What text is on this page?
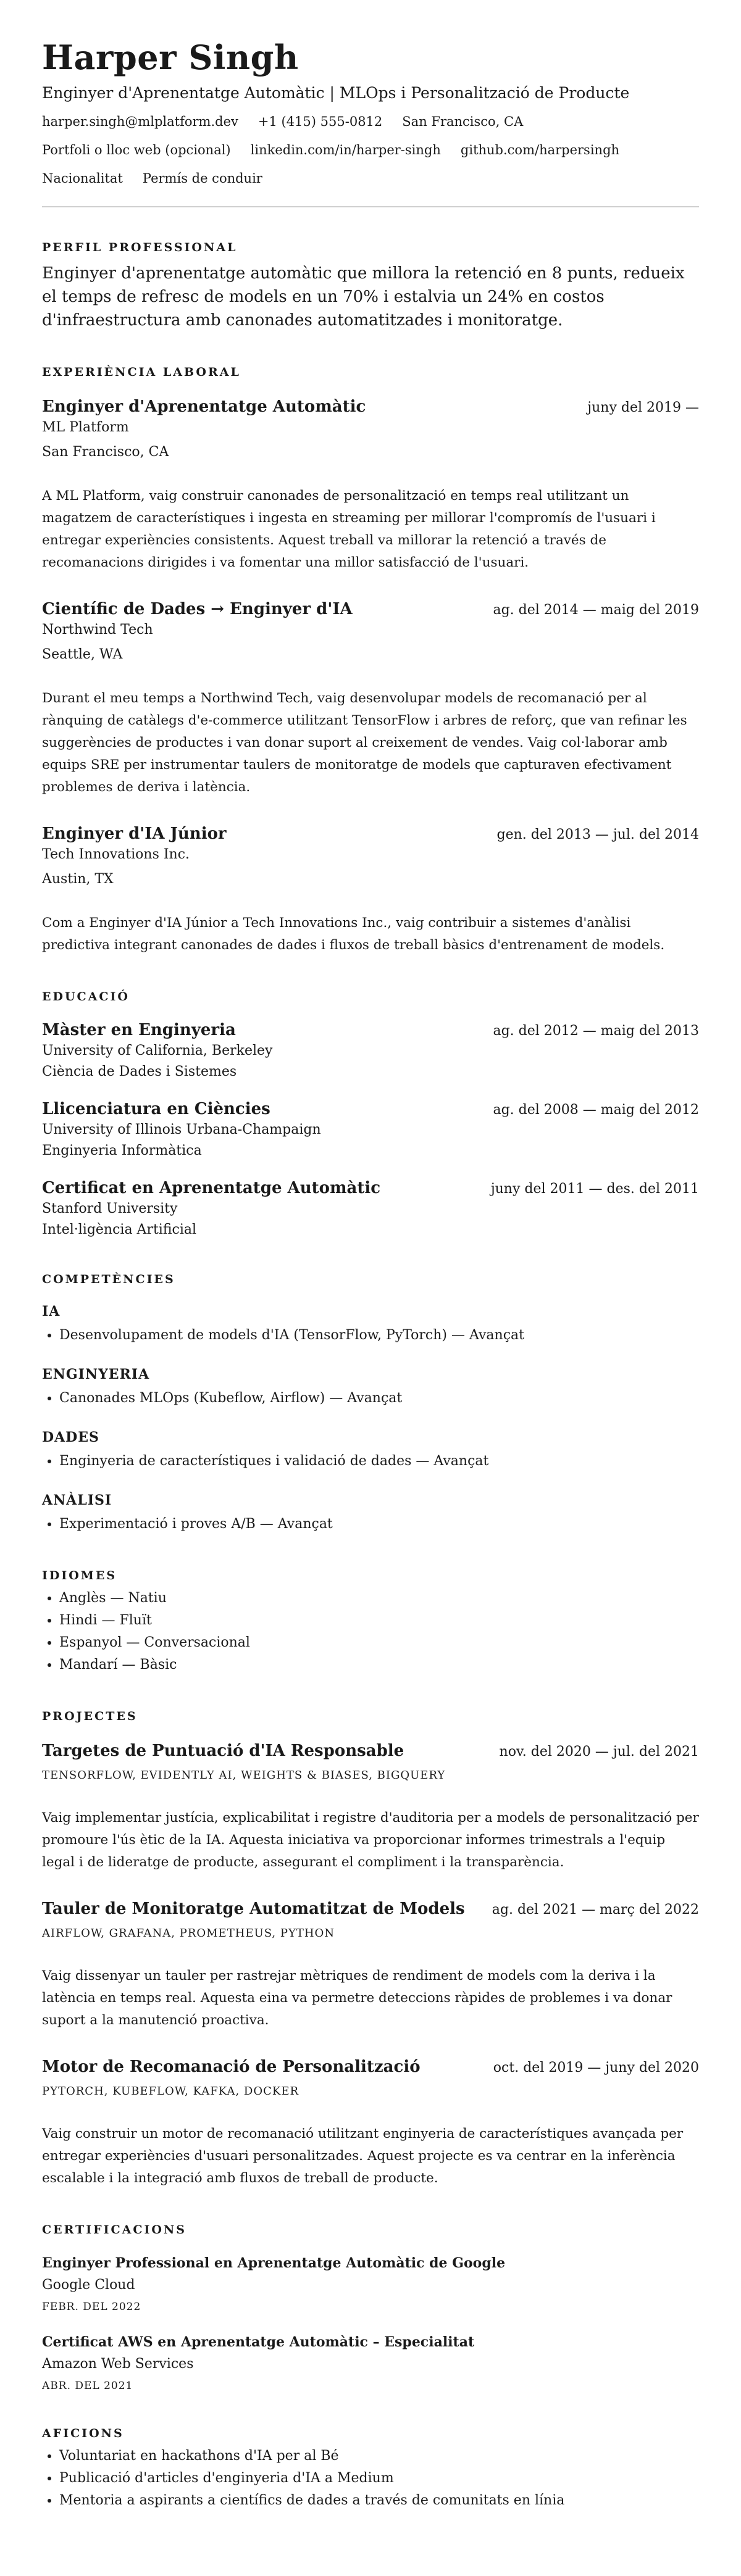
Harper Singh
Enginyer d'Aprenentatge Automàtic | MLOps i Personalització de Producte
harper.singh@mlplatform.dev +1 (415) 555-0812 San Francisco, CA
Portfoli o lloc web (opcional) linkedin.com/in/harper-singh github.com/harpersingh
Nacionalitat Permís de conduir
PERFIL PROFESSIONAL
Enginyer d'aprenentatge automàtic que millora la retenció en 8 punts, redueix el temps de refresc de models en un 70% i estalvia un 24% en costos d'infraestructura amb canonades automatitzades i monitoratge.
EXPERIÈNCIA LABORAL
Enginyer d'Aprenentatge Automàtic	juny del 2019 —
ML Platform
San Francisco, CA
A ML Platform, vaig construir canonades de personalització en temps real utilitzant un magatzem de característiques i ingesta en streaming per millorar l'compromís de l'usuari i entregar experiències consistents. Aquest treball va millorar la retenció a través de recomanacions dirigides i va fomentar una millor satisfacció de l'usuari.
Científic de Dades → Enginyer d'IA	ag. del 2014 — maig del 2019
Northwind Tech
Seattle, WA
Durant el meu temps a Northwind Tech, vaig desenvolupar models de recomanació per al rànquing de catàlegs d'e-commerce utilitzant TensorFlow i arbres de reforç, que van refinar les suggerències de productes i van donar suport al creixement de vendes. Vaig col·laborar amb equips SRE per instrumentar taulers de monitoratge de models que capturaven efectivament problemes de deriva i latència.
Enginyer d'IA Júnior	gen. del 2013 — jul. del 2014
Tech Innovations Inc.
Austin, TX
Com a Enginyer d'IA Júnior a Tech Innovations Inc., vaig contribuir a sistemes d'anàlisi predictiva integrant canonades de dades i fluxos de treball bàsics d'entrenament de models.
EDUCACIÓ
Màster en Enginyeria	ag. del 2012 — maig del 2013
University of California, Berkeley
Ciència de Dades i Sistemes
Llicenciatura en Ciències	ag. del 2008 — maig del 2012
University of Illinois Urbana-Champaign
Enginyeria Informàtica
Certificat en Aprenentatge Automàtic	juny del 2011 — des. del 2011
Stanford University
Intel·ligència Artificial
COMPETÈNCIES
IA
• Desenvolupament de models d'IA (TensorFlow, PyTorch) — Avançat
ENGINYERIA
• Canonades MLOps (Kubeflow, Airflow) — Avançat
DADES
• Enginyeria de característiques i validació de dades — Avançat
ANÀLISI
• Experimentació i proves A/B — Avançat
IDIOMES
• Anglès — Natiu
• Hindi — Fluït
• Espanyol — Conversacional
• Mandarí — Bàsic
PROJECTES
Targetes de Puntuació d'IA Responsable	nov. del 2020 — jul. del 2021
TENSORFLOW, EVIDENTLY AI, WEIGHTS & BIASES, BIGQUERY
Vaig implementar justícia, explicabilitat i registre d'auditoria per a models de personalització per promoure l'ús ètic de la IA. Aquesta iniciativa va proporcionar informes trimestrals a l'equip legal i de lideratge de producte, assegurant el compliment i la transparència.
Tauler de Monitoratge Automatitzat de Models ag. del 2021 — març del 2022
AIRFLOW, GRAFANA, PROMETHEUS, PYTHON
Vaig dissenyar un tauler per rastrejar mètriques de rendiment de models com la deriva i la latència en temps real. Aquesta eina va permetre deteccions ràpides de problemes i va donar suport a la manutenció proactiva.
Motor de Recomanació de Personalització	oct. del 2019 — juny del 2020
PYTORCH, KUBEFLOW, KAFKA, DOCKER
Vaig construir un motor de recomanació utilitzant enginyeria de característiques avançada per entregar experiències d'usuari personalitzades. Aquest projecte es va centrar en la inferència escalable i la integració amb fluxos de treball de producte.
CERTIFICACIONS
Enginyer Professional en Aprenentatge Automàtic de Google
Google Cloud
FEBR. DEL 2022
Certificat AWS en Aprenentatge Automàtic – Especialitat
Amazon Web Services
ABR. DEL 2021
AFICIONS
• Voluntariat en hackathons d'IA per al Bé
• Publicació d'articles d'enginyeria d'IA a Medium
• Mentoria a aspirants a científics de dades a través de comunitats en línia
